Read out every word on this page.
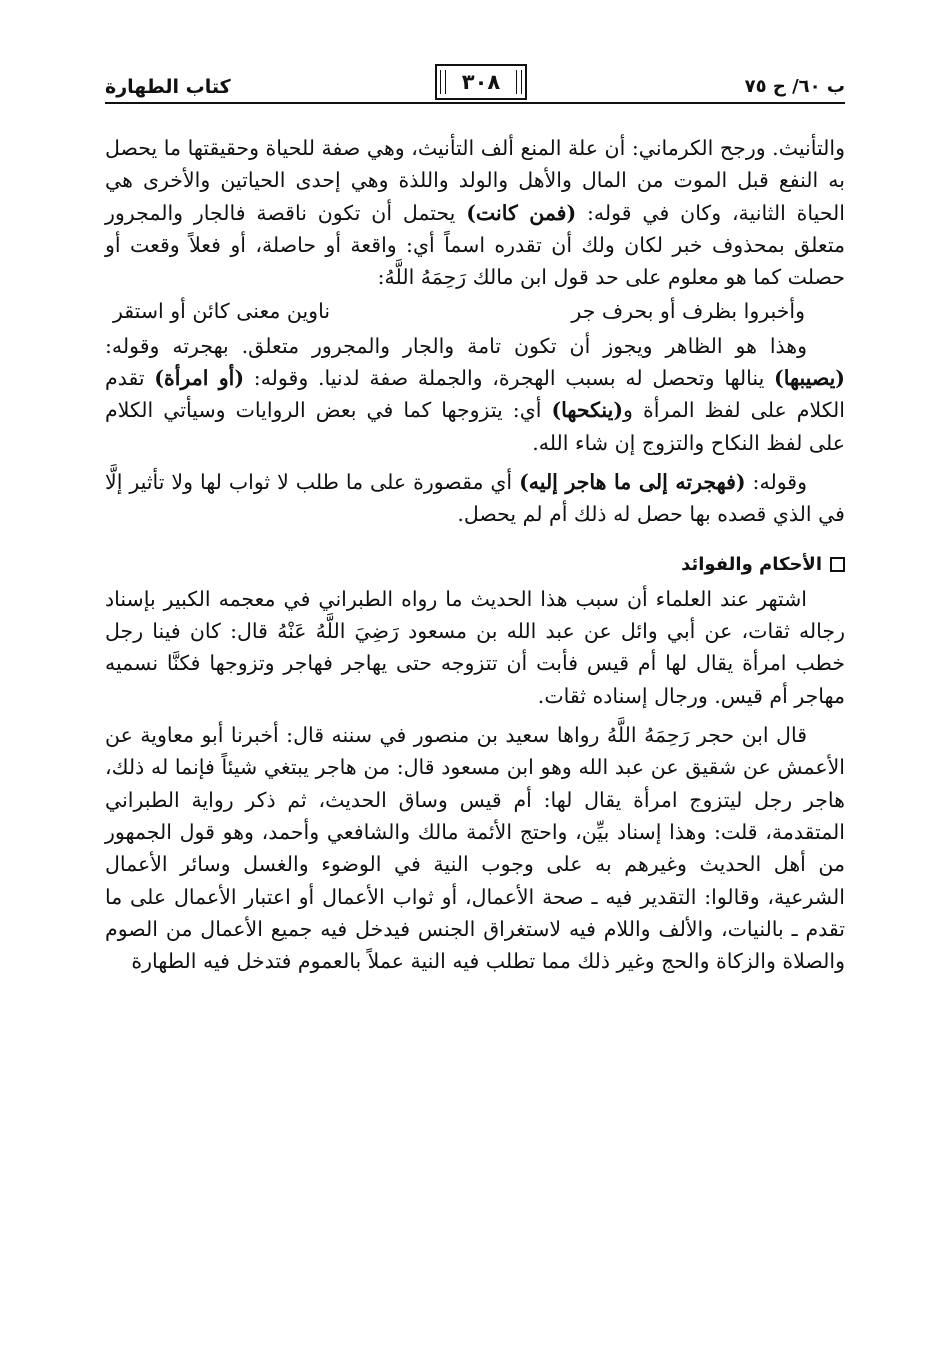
ب ٦٠/ ح ٧٥
٣٠٨
كتاب الطهارة

والتأنيث. ورجح الكرماني: أن علة المنع ألف التأنيث، وهي صفة للحياة وحقيقتها ما يحصل به النفع قبل الموت من المال والأهل والولد واللذة وهي إحدى الحياتين والأخرى هي الحياة الثانية، وكان في قوله: (فمن كانت) يحتمل أن تكون ناقصة فالجار والمجرور متعلق بمحذوف خبر لكان ولك أن تقدره اسماً أي: واقعة أو حاصلة، أو فعلاً وقعت أو حصلت كما هو معلوم على حد قول ابن مالك رَحِمَهُ اللَّهُ:

وأخبروا بظرف أو بحرف جر
ناوين معنى كائن أو استقر

وهذا هو الظاهر ويجوز أن تكون تامة والجار والمجرور متعلق. بهجرته وقوله: (يصيبها) ينالها وتحصل له بسبب الهجرة، والجملة صفة لدنيا. وقوله: (أو امرأة) تقدم الكلام على لفظ المرأة و(ينكحها) أي: يتزوجها كما في بعض الروايات وسيأتي الكلام على لفظ النكاح والتزوج إن شاء الله.

وقوله: (فهجرته إلى ما هاجر إليه) أي مقصورة على ما طلب لا ثواب لها ولا تأثير إلَّا في الذي قصده بها حصل له ذلك أم لم يحصل.

الأحكام والفوائد

اشتهر عند العلماء أن سبب هذا الحديث ما رواه الطبراني في معجمه الكبير بإسناد رجاله ثقات، عن أبي وائل عن عبد الله بن مسعود رَضِيَ اللَّهُ عَنْهُ قال: كان فينا رجل خطب امرأة يقال لها أم قيس فأبت أن تتزوجه حتى يهاجر فهاجر وتزوجها فكنَّا نسميه مهاجر أم قيس. ورجال إسناده ثقات.

قال ابن حجر رَحِمَهُ اللَّهُ رواها سعيد بن منصور في سننه قال: أخبرنا أبو معاوية عن الأعمش عن شقيق عن عبد الله وهو ابن مسعود قال: من هاجر يبتغي شيئاً فإنما له ذلك، هاجر رجل ليتزوج امرأة يقال لها: أم قيس وساق الحديث، ثم ذكر رواية الطبراني المتقدمة، قلت: وهذا إسناد بيِّن، واحتج الأئمة مالك والشافعي وأحمد، وهو قول الجمهور من أهل الحديث وغيرهم به على وجوب النية في الوضوء والغسل وسائر الأعمال الشرعية، وقالوا: التقدير فيه ـ صحة الأعمال، أو ثواب الأعمال أو اعتبار الأعمال على ما تقدم ـ بالنيات، والألف واللام فيه لاستغراق الجنس فيدخل فيه جميع الأعمال من الصوم والصلاة والزكاة والحج وغير ذلك مما تطلب فيه النية عملاً بالعموم فتدخل فيه الطهارة
